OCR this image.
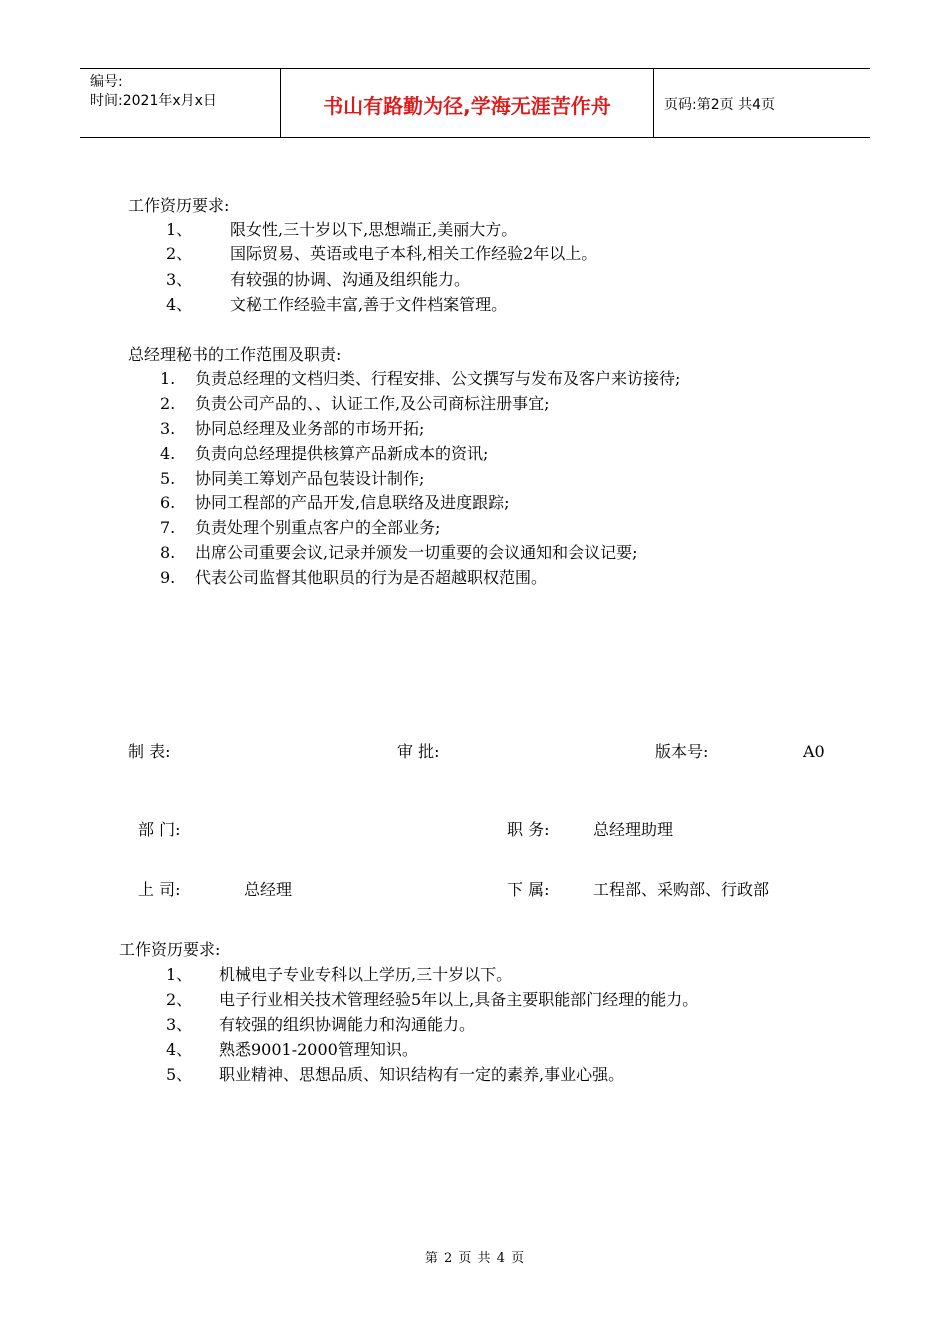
编号:
时间:2021年x月x日	书山有路勤为径,学海无涯苦作舟	页码:第2页 共4页
工作资历要求:
1、 限女性,三十岁以下,思想端正,美丽大方。
2、 国际贸易、英语或电子本科,相关工作经验2年以上。
3、 有较强的协调、沟通及组织能力。
4、 文秘工作经验丰富,善于文件档案管理。
总经理秘书的工作范围及职责:
1. 负责总经理的文档归类、行程安排、公文撰写与发布及客户来访接待;
2. 负责公司产品的、、认证工作,及公司商标注册事宜;
3. 协同总经理及业务部的市场开拓;
4. 负责向总经理提供核算产品新成本的资讯;
5. 协同美工筹划产品包装设计制作;
6. 协同工程部的产品开发,信息联络及进度跟踪;
7. 负责处理个别重点客户的全部业务;
8. 出席公司重要会议,记录并颁发一切重要的会议通知和会议记要;
9. 代表公司监督其他职员的行为是否超越职权范围。
制 表:	审 批:	版本号:	A0
部 门:	职 务:	总经理助理
上 司:	总经理	下 属:	工程部、采购部、行政部
工作资历要求:
1、 机械电子专业专科以上学历,三十岁以下。
2、 电子行业相关技术管理经验5年以上,具备主要职能部门经理的能力。
3、 有较强的组织协调能力和沟通能力。
4、 熟悉9001-2000管理知识。
5、 职业精神、思想品质、知识结构有一定的素养,事业心强。
第 2 页 共 4 页
